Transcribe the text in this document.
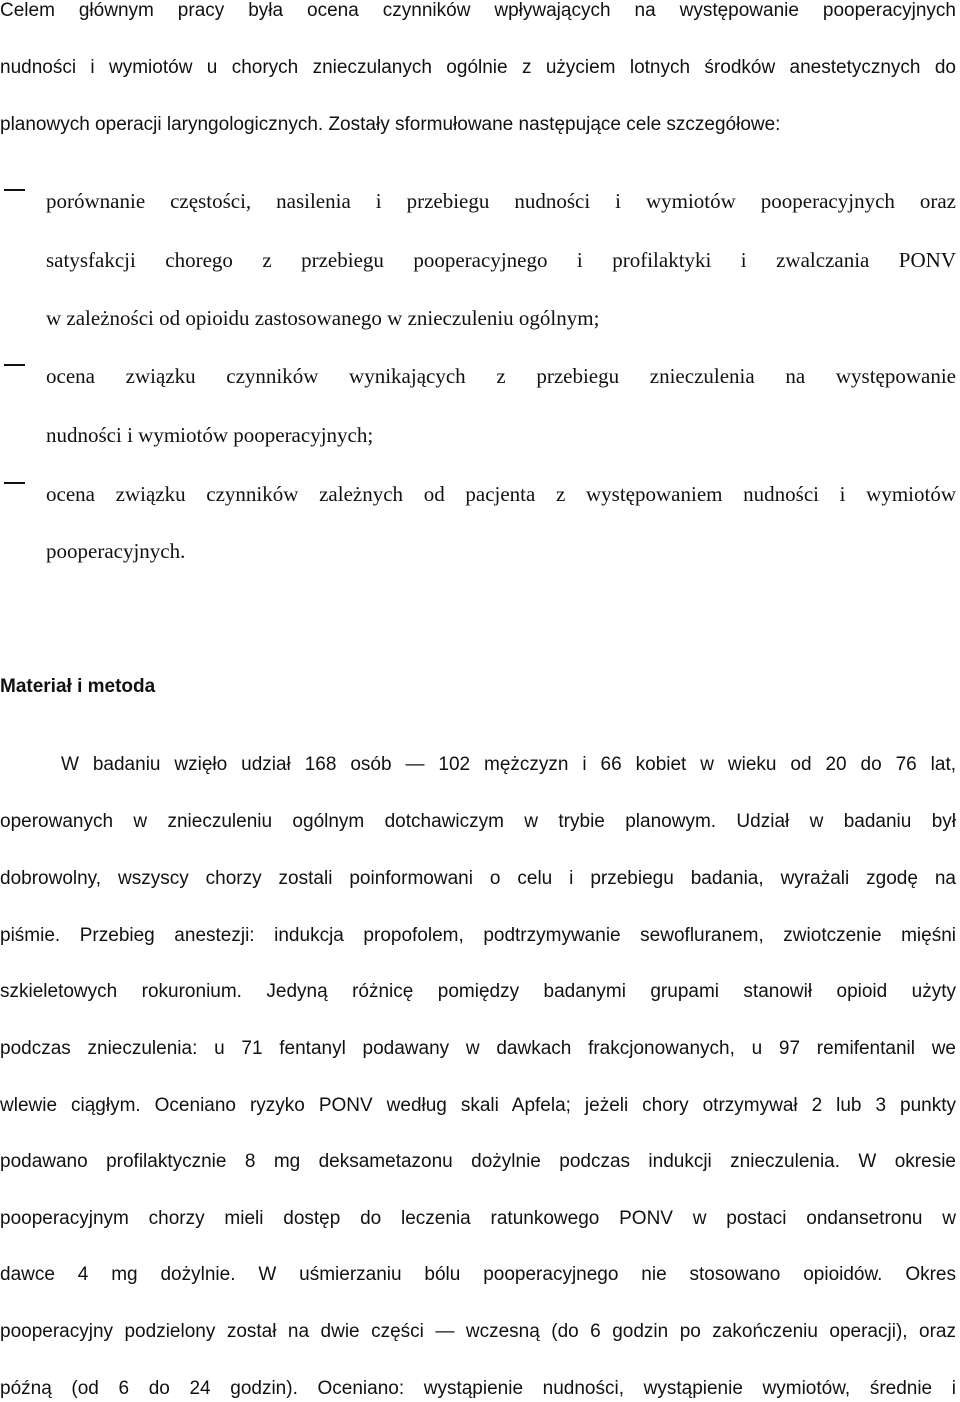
Celem głównym pracy była ocena czynników wpływających na występowanie pooperacyjnych
nudności i wymiotów u chorych znieczulanych ogólnie z użyciem lotnych środków anestetycznych do
planowych operacji laryngologicznych. Zostały sformułowane następujące cele szczegółowe:
porównanie częstości, nasilenia i przebiegu nudności i wymiotów pooperacyjnych oraz
satysfakcji chorego z przebiegu pooperacyjnego i profilaktyki i zwalczania PONV
w zależności od opioidu zastosowanego w znieczuleniu ogólnym;
ocena związku czynników wynikających z przebiegu znieczulenia na występowanie
nudności i wymiotów pooperacyjnych;
ocena związku czynników zależnych od pacjenta z występowaniem nudności i wymiotów
pooperacyjnych.
Materiał i metoda
W badaniu wzięło udział 168 osób — 102 mężczyzn i 66 kobiet w wieku od 20 do 76 lat,
operowanych w znieczuleniu ogólnym dotchawiczym w trybie planowym. Udział w badaniu był
dobrowolny, wszyscy chorzy zostali poinformowani o celu i przebiegu badania, wyrażali zgodę na
piśmie. Przebieg anestezji: indukcja propofolem, podtrzymywanie sewofluranem, zwiotczenie mięśni
szkieletowych rokuronium. Jedyną różnicę pomiędzy badanymi grupami stanowił opioid użyty
podczas znieczulenia: u 71 fentanyl podawany w dawkach frakcjonowanych, u 97 remifentanil we
wlewie ciągłym. Oceniano ryzyko PONV według skali Apfela; jeżeli chory otrzymywał 2 lub 3 punkty
podawano profilaktycznie 8 mg deksametazonu dożylnie podczas indukcji znieczulenia. W okresie
pooperacyjnym chorzy mieli dostęp do leczenia ratunkowego PONV w postaci ondansetronu w
dawce 4 mg dożylnie. W uśmierzaniu bólu pooperacyjnego nie stosowano opioidów. Okres
pooperacyjny podzielony został na dwie części — wczesną (do 6 godzin po zakończeniu operacji), oraz
późną (od 6 do 24 godzin). Oceniano: wystąpienie nudności, wystąpienie wymiotów, średnie i
